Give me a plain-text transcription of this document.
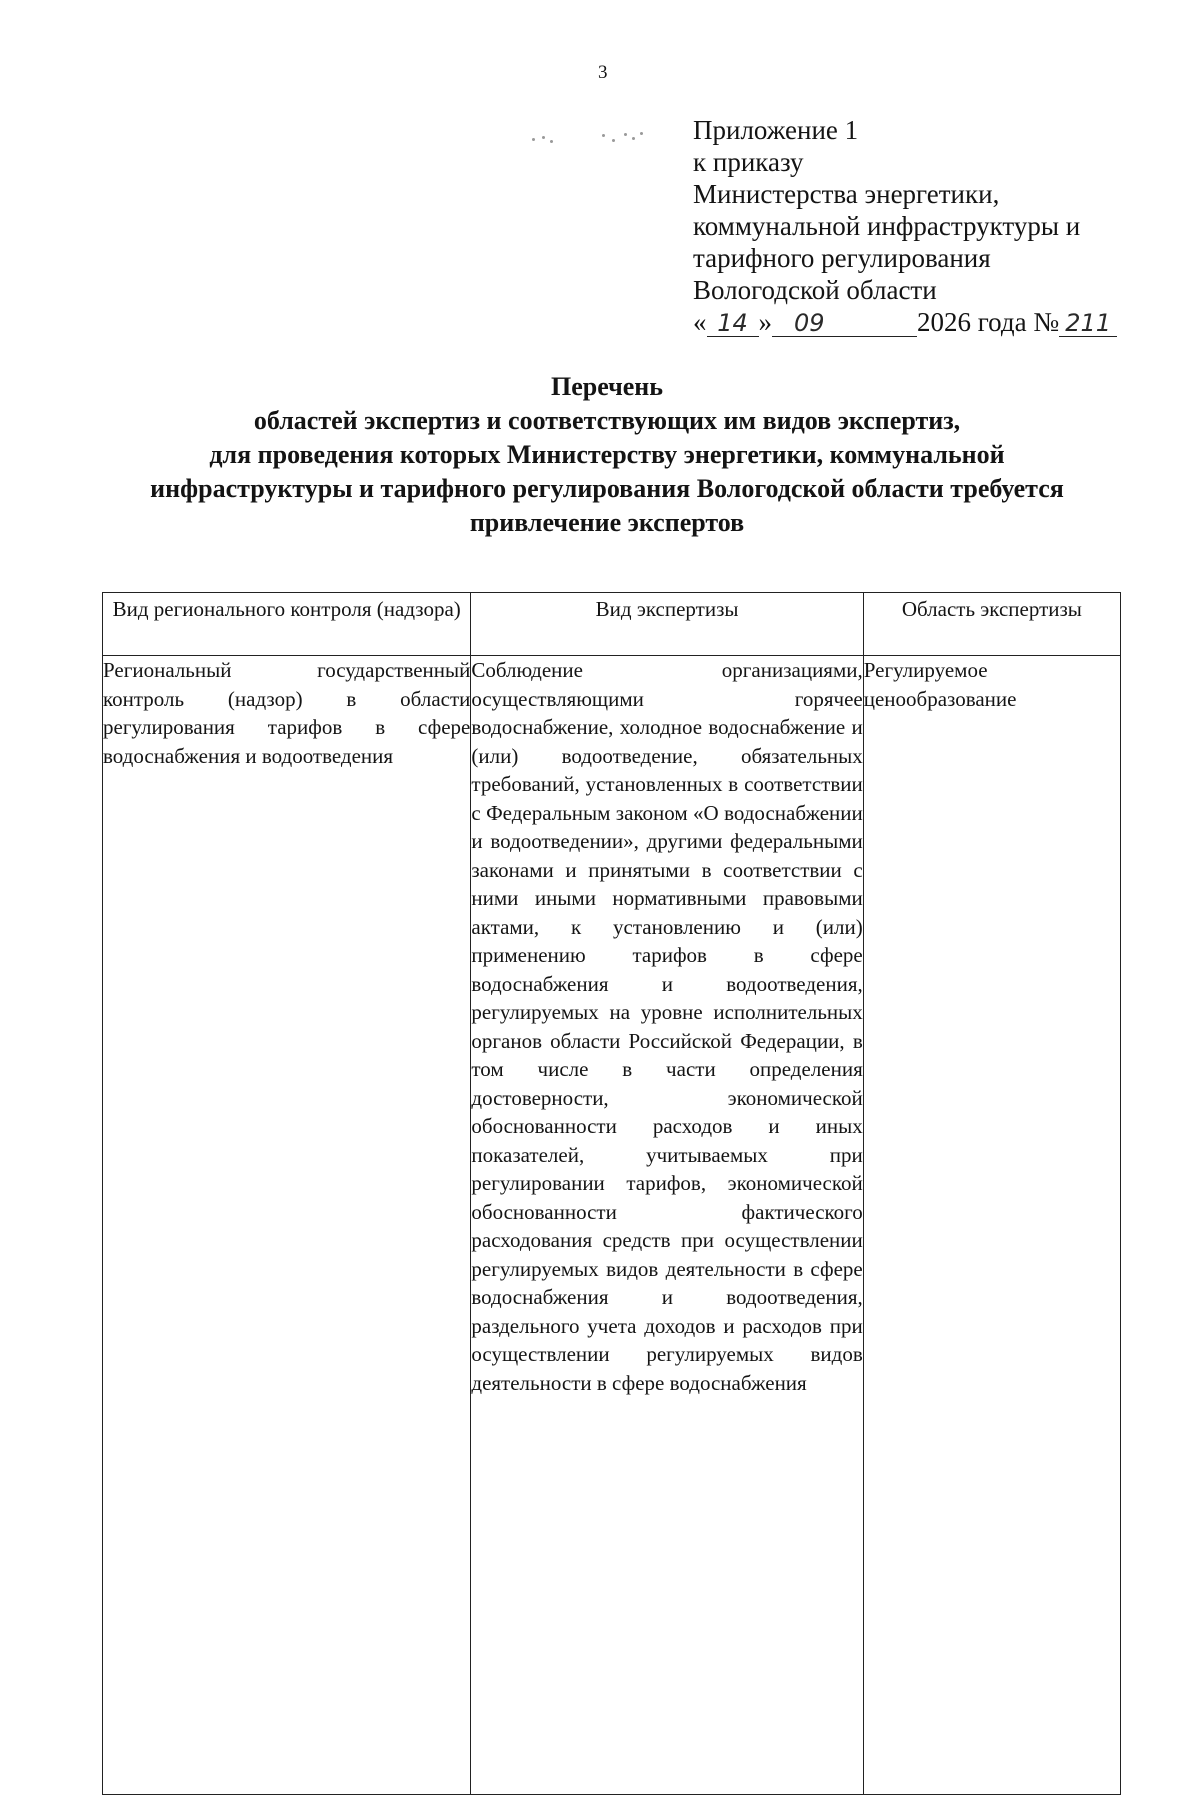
3
Приложение 1
к приказу
Министерства энергетики,
коммунальной инфраструктуры и
тарифного регулирования
Вологодской области
« 14 » 09	2026 года № 211
Перечень
областей экспертиз и соответствующих им видов экспертиз,
для проведения которых Министерству энергетики, коммунальной
инфраструктуры и тарифного регулирования Вологодской области требуется
привлечение экспертов
Вид регионального контроля (надзора)	Вид экспертизы	Область экспертизы

Региональный государственный контроль (надзор) в области регулирования тарифов в сфере водоснабжения и водоотведения	Соблюдение организациями, осуществляющими горячее водоснабжение, холодное водоснабжение и (или) водоотведение, обязательных требований, установленных в соответствии с Федеральным законом «О водоснабжении и водоотведении», другими федеральными законами и принятыми в соответствии с ними иными нормативными правовыми актами, к установлению и (или) применению тарифов в сфере водоснабжения и водоотведения, регулируемых на уровне исполнительных органов области Российской Федерации, в том числе в части определения достоверности, экономической обоснованности расходов и иных показателей, учитываемых при регулировании тарифов, экономической обоснованности фактического расходования средств при осуществлении регулируемых видов деятельности в сфере водоснабжения и водоотведения, раздельного учета доходов и расходов при осуществлении регулируемых видов деятельности в сфере водоснабжения	Регулируемое ценообразование
